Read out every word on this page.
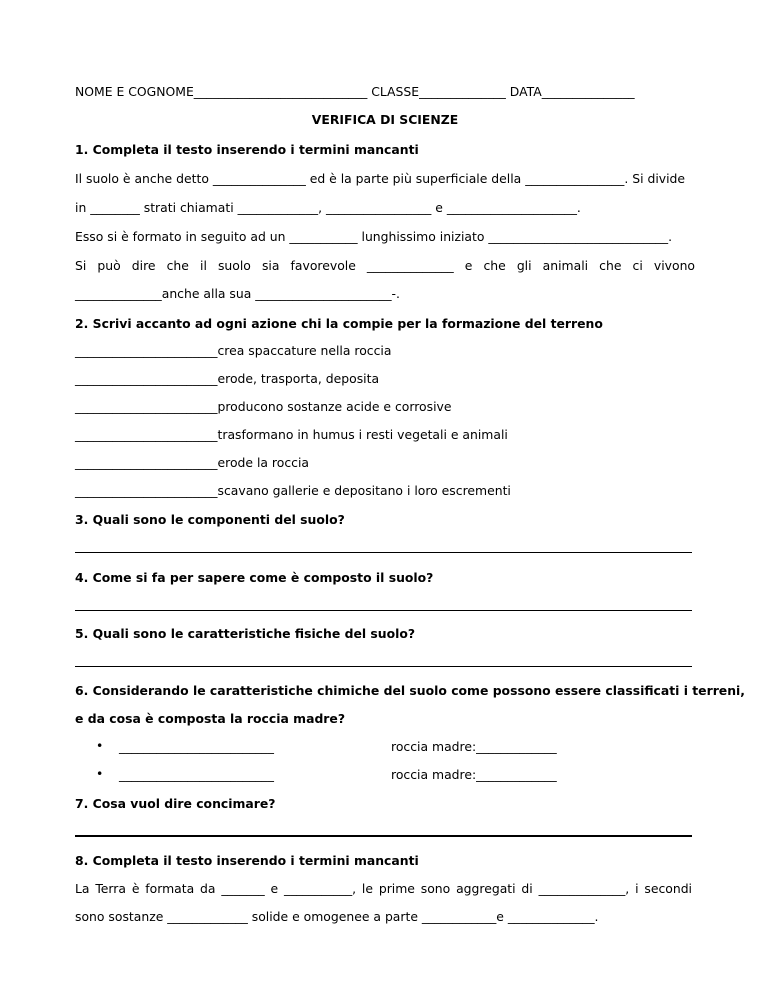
NOME E COGNOME____________________________ CLASSE______________ DATA_______________
VERIFICA DI SCIENZE
1. Completa il testo inserendo i termini mancanti
Il suolo è anche detto _______________ ed è la parte più superficiale della ________________. Si divide
in ________ strati chiamati _____________, _________________ e _____________________.
Esso si è formato in seguito ad un ___________ lunghissimo iniziato _____________________________.
Si può dire che il suolo sia favorevole ______________ e che gli animali che ci vivono
______________anche alla sua ______________________-.
2. Scrivi accanto ad ogni azione chi la compie per la formazione del terreno
_______________________crea spaccature nella roccia
_______________________erode, trasporta, deposita
_______________________producono sostanze acide e corrosive
_______________________trasformano in humus i resti vegetali e animali
_______________________erode la roccia
_______________________scavano gallerie e depositano i loro escrementi
3. Quali sono le componenti del suolo?
4. Come si fa per sapere come è composto il suolo?
5. Quali sono le caratteristiche fisiche del suolo?
6. Considerando le caratteristiche chimiche del suolo come possono essere classificati i terreni,
e da cosa è composta la roccia madre?
• _________________________	roccia madre:_____________
• _________________________	roccia madre:_____________
7. Cosa vuol dire concimare?
8. Completa il testo inserendo i termini mancanti
La Terra è formata da _______ e ___________, le prime sono aggregati di ______________, i secondi
sono sostanze _____________ solide e omogenee a parte ____________e ______________.
